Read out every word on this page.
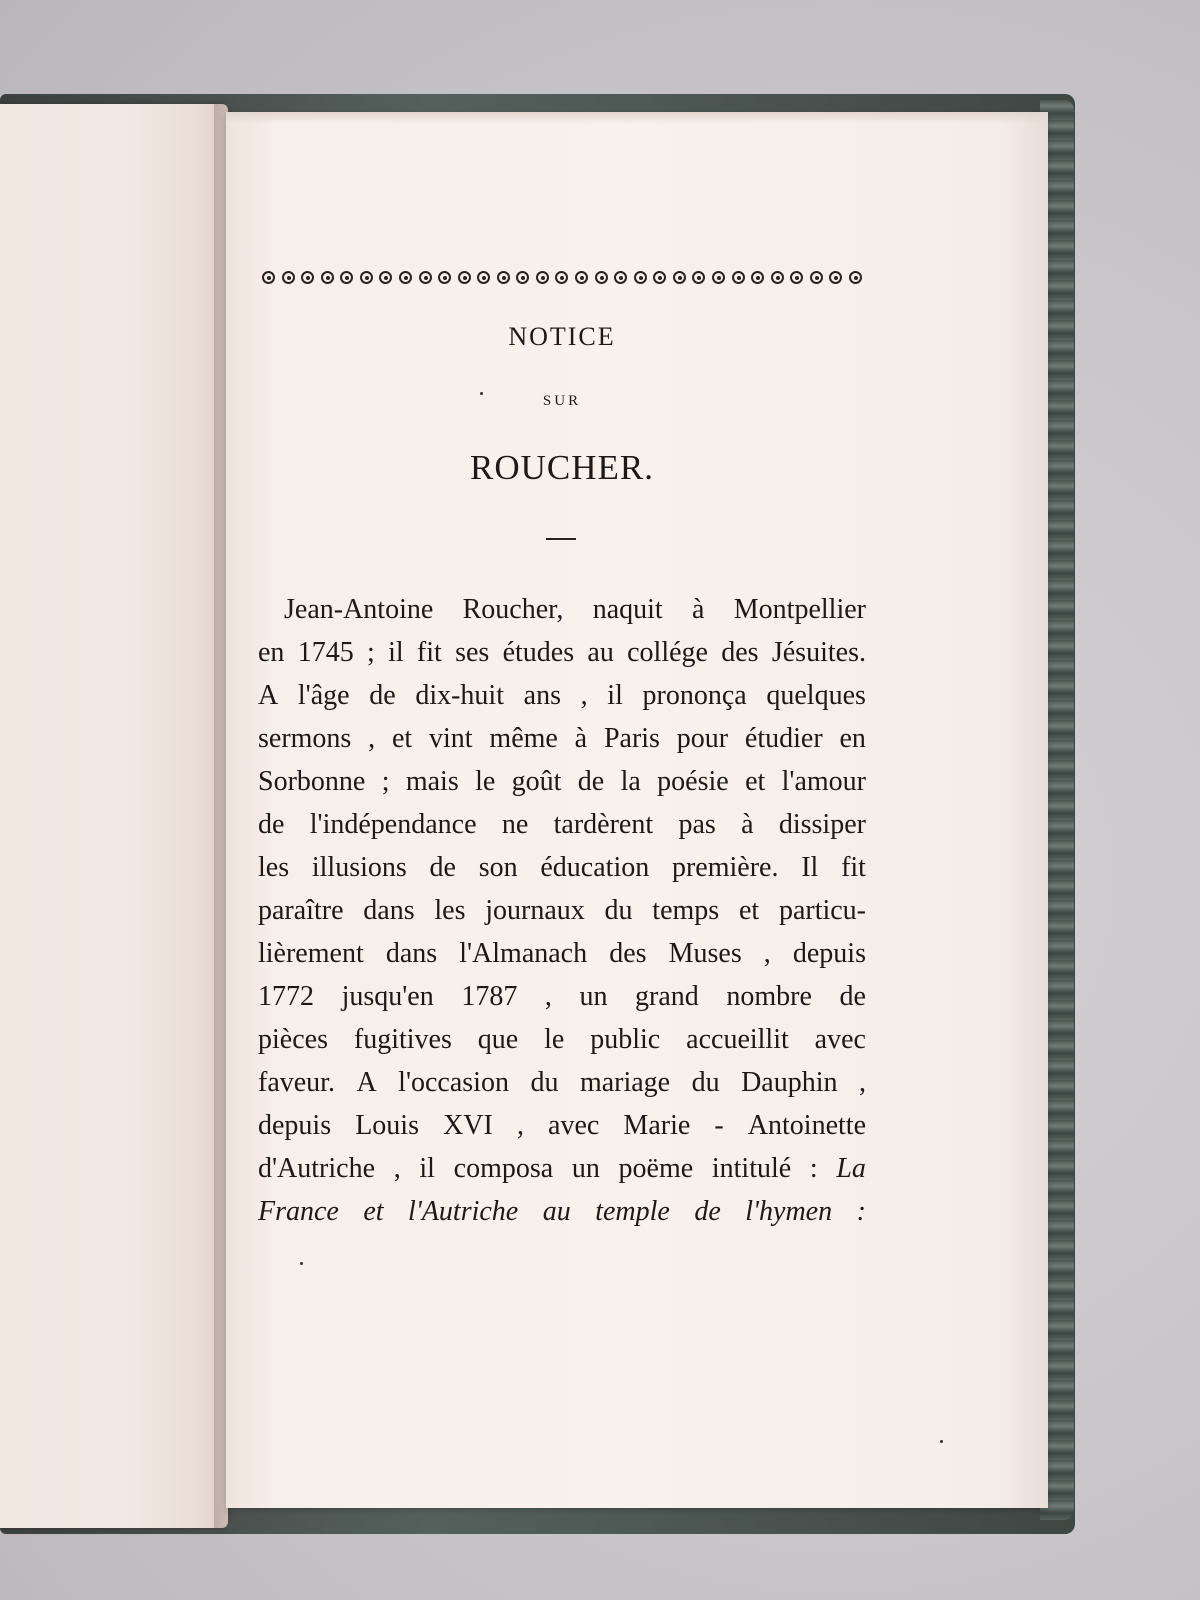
NOTICE
SUR
ROUCHER.
Jean-Antoine Roucher, naquit à Montpellier
en 1745 ; il fit ses études au collége des Jésuites.
A l'âge de dix-huit ans , il prononça quelques
sermons , et vint même à Paris pour étudier en
Sorbonne ; mais le goût de la poésie et l'amour
de l'indépendance ne tardèrent pas à dissiper
les illusions de son éducation première. Il fit
paraître dans les journaux du temps et particu-
lièrement dans l'Almanach des Muses , depuis
1772 jusqu'en 1787 , un grand nombre de
pièces fugitives que le public accueillit avec
faveur. A l'occasion du mariage du Dauphin ,
depuis Louis XVI , avec Marie - Antoinette
d'Autriche , il composa un poëme intitulé : La
France et l'Autriche au temple de l'hymen :
